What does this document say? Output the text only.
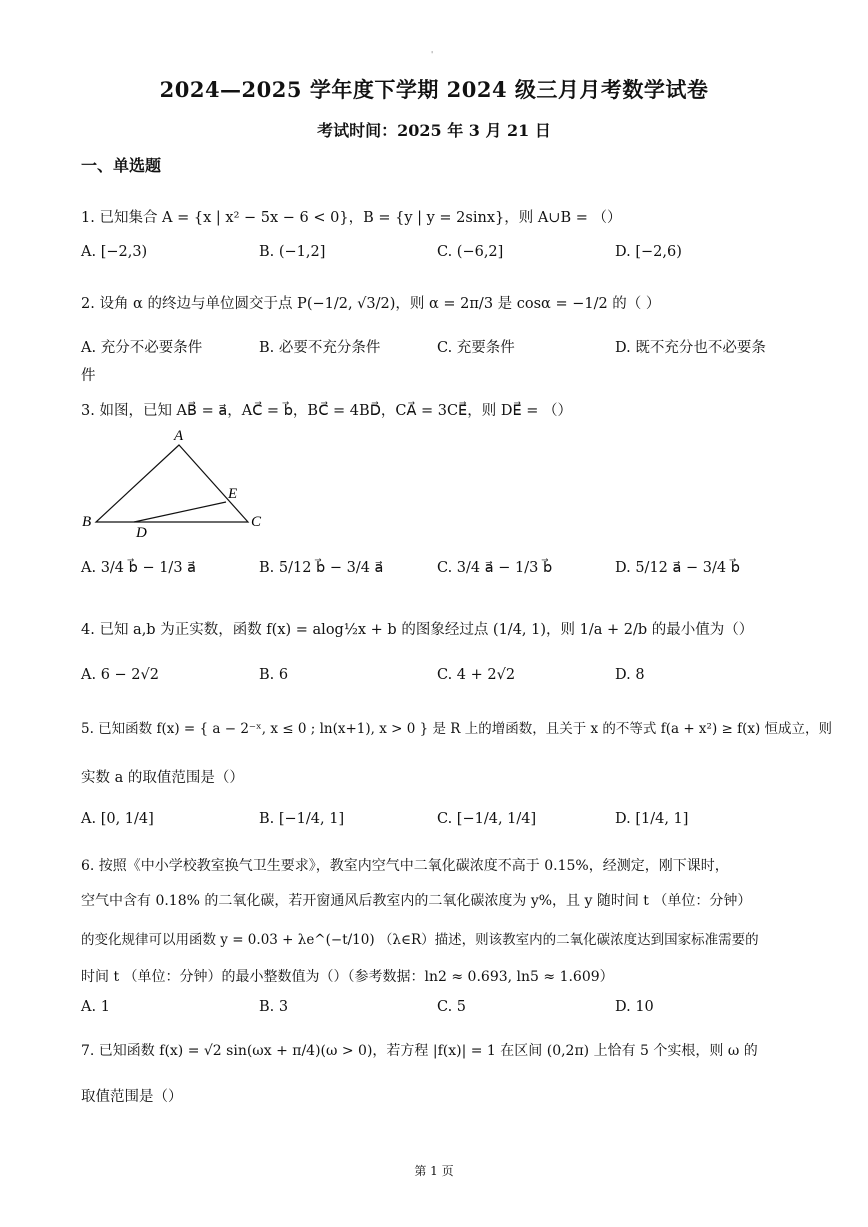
'
2024—2025 学年度下学期 2024 级三月月考数学试卷
考试时间：2025 年 3 月 21 日
一、单选题
1. 已知集合 A = {x | x² − 5x − 6 < 0}，B = {y | y = 2sinx}，则 A∪B = （）
A. [−2,3)	B. (−1,2]	C. (−6,2]	D. [−2,6)
2. 设角 α 的终边与单位圆交于点 P(−1/2, √3/2)，则 α = 2π/3 是 cosα = −1/2 的（ ）
A. 充分不必要条件	B. 必要不充分条件	C. 充要条件	D. 既不充分也不必要条
件
3. 如图，已知 AB⃗ = a⃗，AC⃗ = b⃗，BC⃗ = 4BD⃗，CA⃗ = 3CE⃗，则 DE⃗ = （）
A
B	C
D
E
A. 3/4 b⃗ − 1/3 a⃗	B. 5/12 b⃗ − 3/4 a⃗	C. 3/4 a⃗ − 1/3 b⃗	D. 5/12 a⃗ − 3/4 b⃗
4. 已知 a,b 为正实数，函数 f(x) = alog½x + b 的图象经过点 (1/4, 1)，则 1/a + 2/b 的最小值为（）
A. 6 − 2√2	B. 6	C. 4 + 2√2	D. 8
5. 已知函数 f(x) = { a − 2⁻ˣ, x ≤ 0 ; ln(x+1), x > 0 } 是 R 上的增函数，且关于 x 的不等式 f(a + x²) ≥ f(x) 恒成立，则
实数 a 的取值范围是（）
A. [0, 1/4]	B. [−1/4, 1]	C. [−1/4, 1/4]	D. [1/4, 1]
6. 按照《中小学校教室换气卫生要求》，教室内空气中二氧化碳浓度不高于 0.15%，经测定，刚下课时，
空气中含有 0.18% 的二氧化碳，若开窗通风后教室内的二氧化碳浓度为 y%，且 y 随时间 t （单位：分钟）
的变化规律可以用函数 y = 0.03 + λe^(−t/10) （λ∈R）描述，则该教室内的二氧化碳浓度达到国家标准需要的
时间 t （单位：分钟）的最小整数值为（）（参考数据：ln2 ≈ 0.693, ln5 ≈ 1.609）
A. 1	B. 3	C. 5	D. 10
7. 已知函数 f(x) = √2 sin(ωx + π/4)(ω > 0)，若方程 |f(x)| = 1 在区间 (0,2π) 上恰有 5 个实根，则 ω 的
取值范围是（）
第 1 页
